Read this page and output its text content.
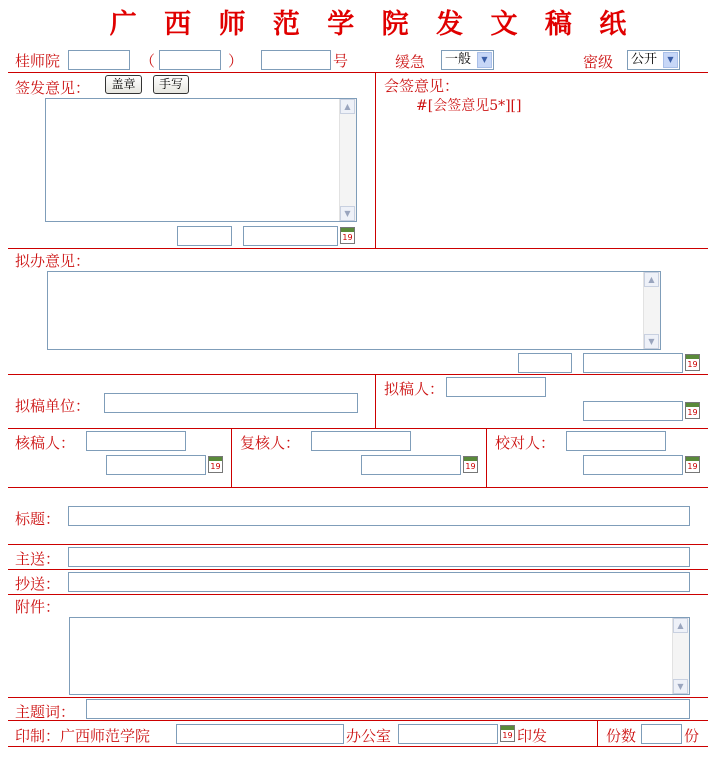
广 西 师 范 学 院 发 文 稿 纸
桂师院	（	）	号	缓急	一般	▼	密级	公开	▼
签发意见：	盖章	手写
▲
▼
19
会签意见：
#[会签意见5*][]
拟办意见：
▲
▼
19
拟稿单位：
拟稿人：
19
核稿人：
19
复核人：
19
校对人：
19
标题：
主送：
抄送：
附件：
▲
▼
主题词：
印制：广西师范学院	办公室	19 印发	份数	份
